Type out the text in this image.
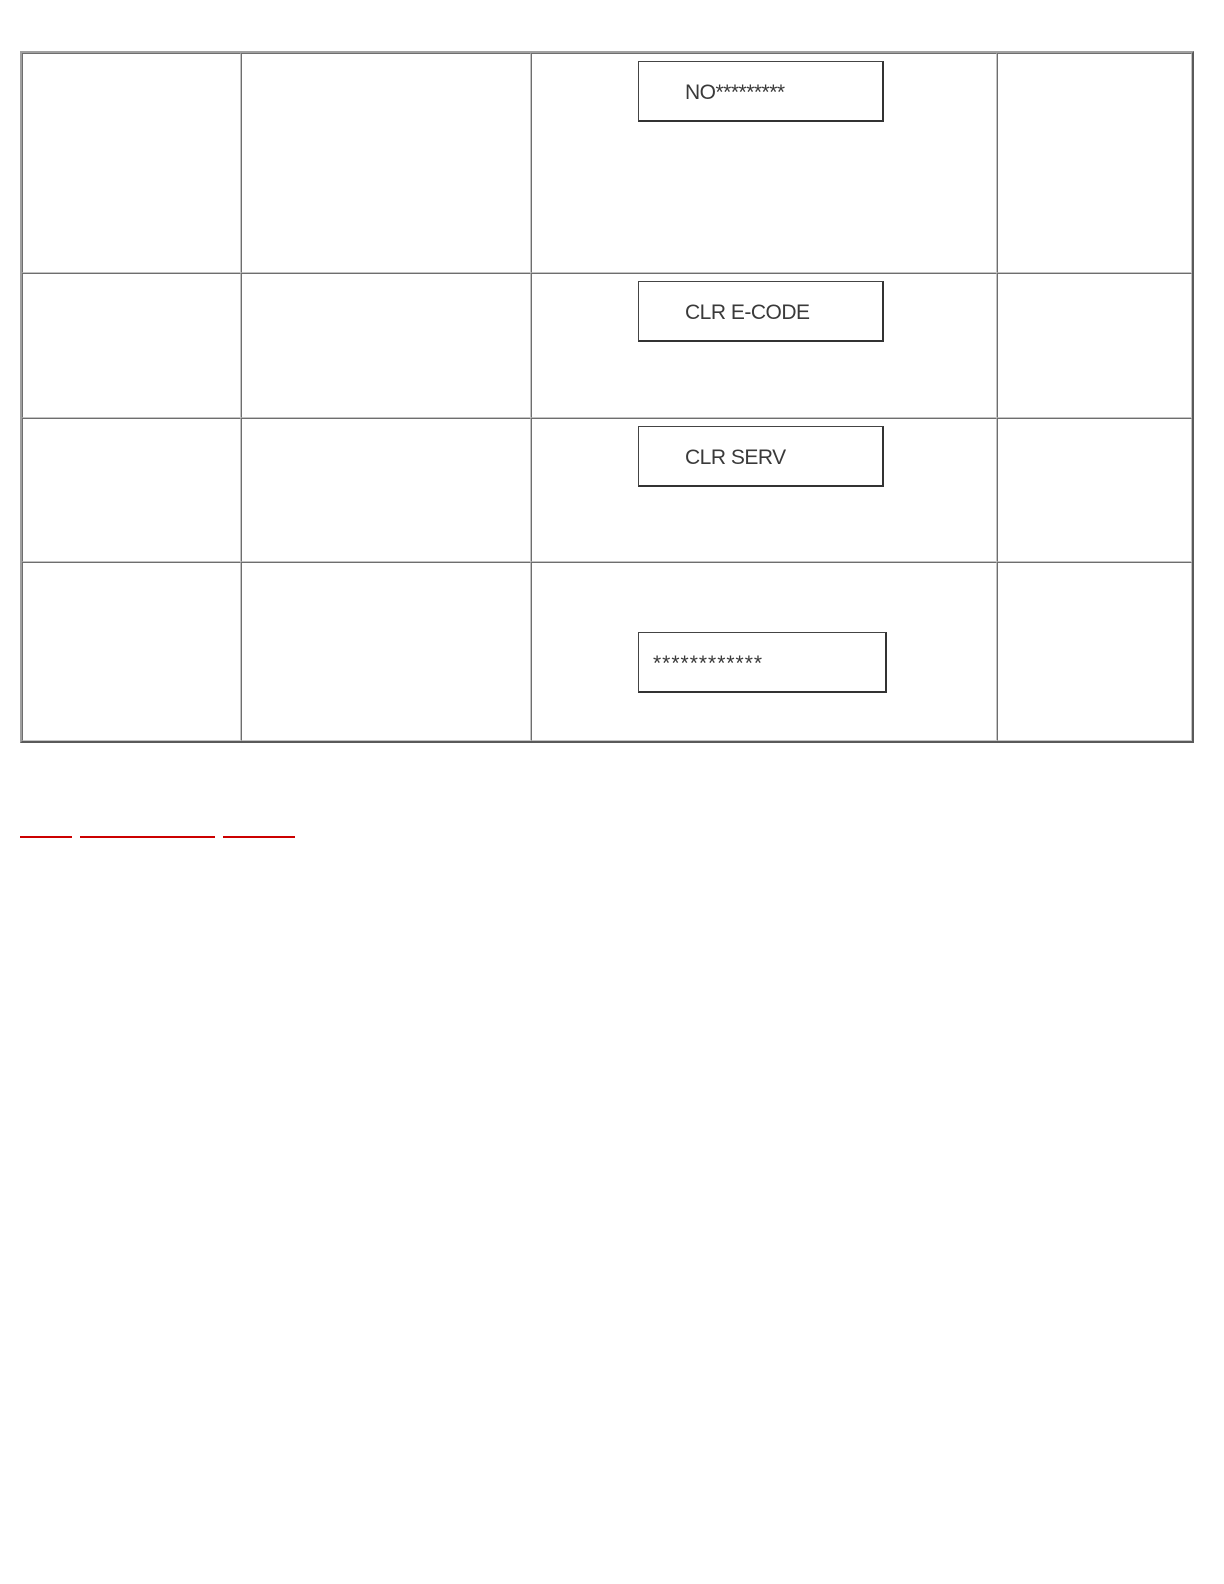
		NO*********	

		CLR E-CODE	

		CLR SERV	

		************	
